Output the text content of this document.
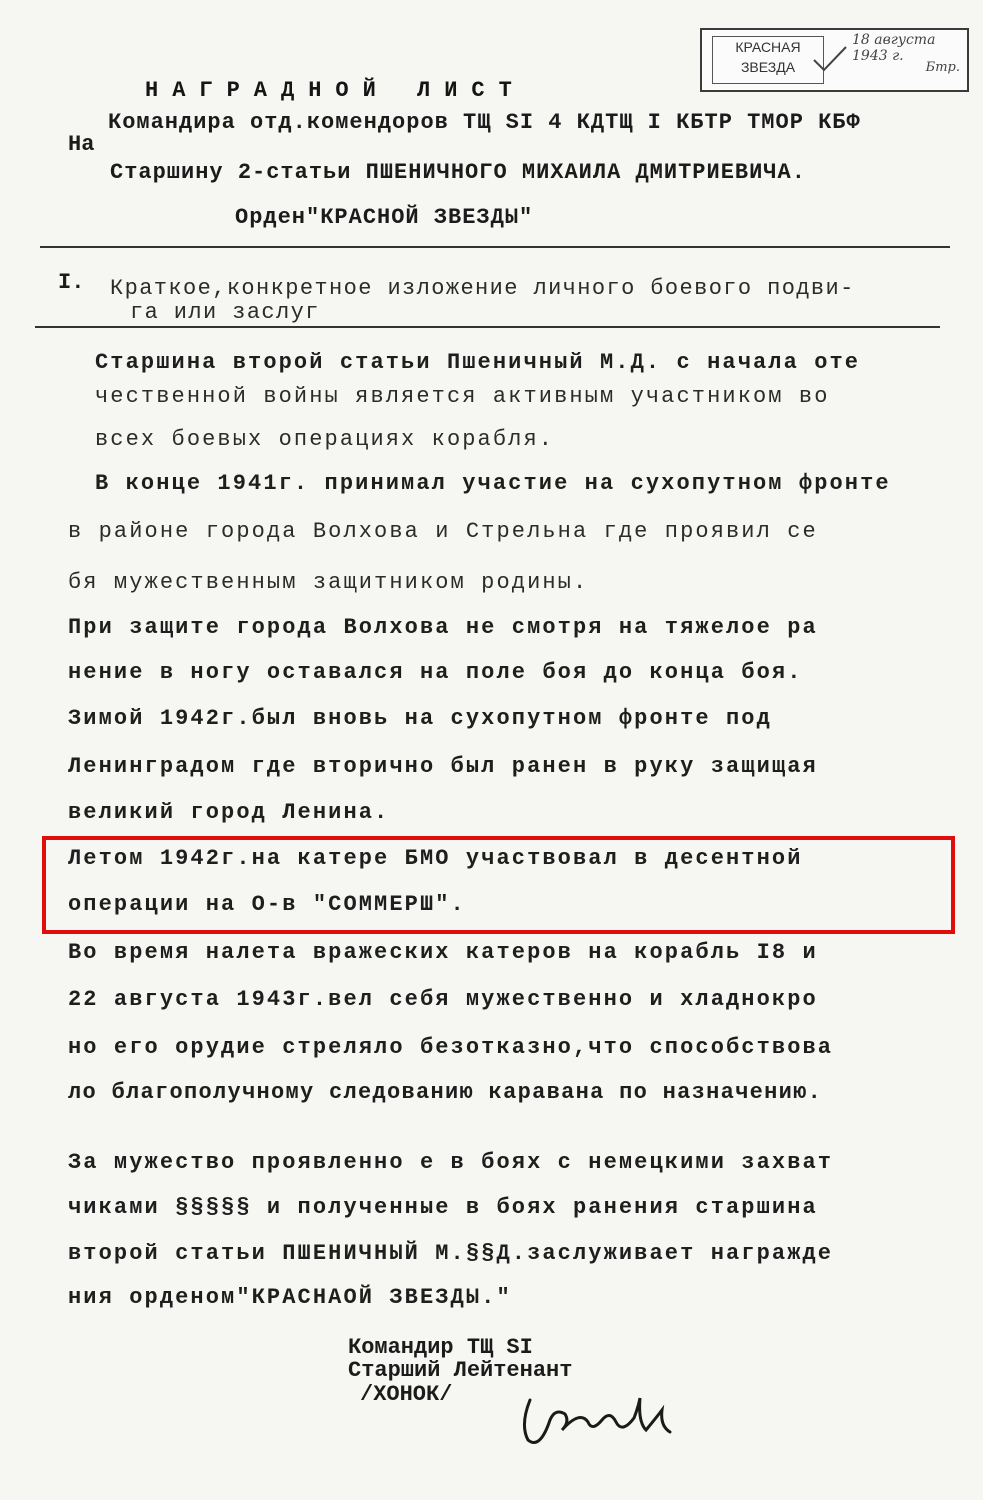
КРАСНАЯ
ЗВЕЗДА
18 августа 1943 г.
Бтр.
НАГРАДНОЙ ЛИСТ
На
Командира отд.комендоров ТЩ SI 4 КДТЩ I КБТР ТМОР КБФ
Старшину 2-статьи ПШЕНИЧНОГО МИХАИЛА ДМИТРИЕВИЧА.
Орден"КРАСНОЙ ЗВЕЗДЫ"
I. Краткое,конкретное изложение личного боевого подви-
га или заслуг
Старшина второй статьи Пшеничный М.Д. с начала оте
чественной войны является активным участником во
всех боевых операциях корабля.
В конце 1941г. принимал участие на сухопутном фронте
в районе города Волхова и Стрельна где проявил се
бя мужественным защитником родины.
При защите города Волхова не смотря на тяжелое ра
нение в ногу оставался на поле боя до конца боя.
Зимой 1942г.был вновь на сухопутном фронте под
Ленинградом где вторично был ранен в руку защищая
великий город Ленина.
Летом 1942г.на катере БМО участвовал в десентной
операции на О-в "СОММЕРШ".
Во время налета вражеских катеров на корабль I8 и
22 августа 1943г.вел себя мужественно и хладнокро
но его орудие стреляло безотказно,что способствова
ло благополучному следованию каравана по назначению.
За мужество проявленно е в боях с немецкими захват
чиками §§§§§ и полученные в боях ранения старшина
второй статьи ПШЕНИЧНЫЙ М.§§Д.заслуживает награжде
ния орденом"КРАСНАОЙ ЗВЕЗДЫ."
Командир ТЩ SI
Старший Лейтенант
/ХОНОК/
